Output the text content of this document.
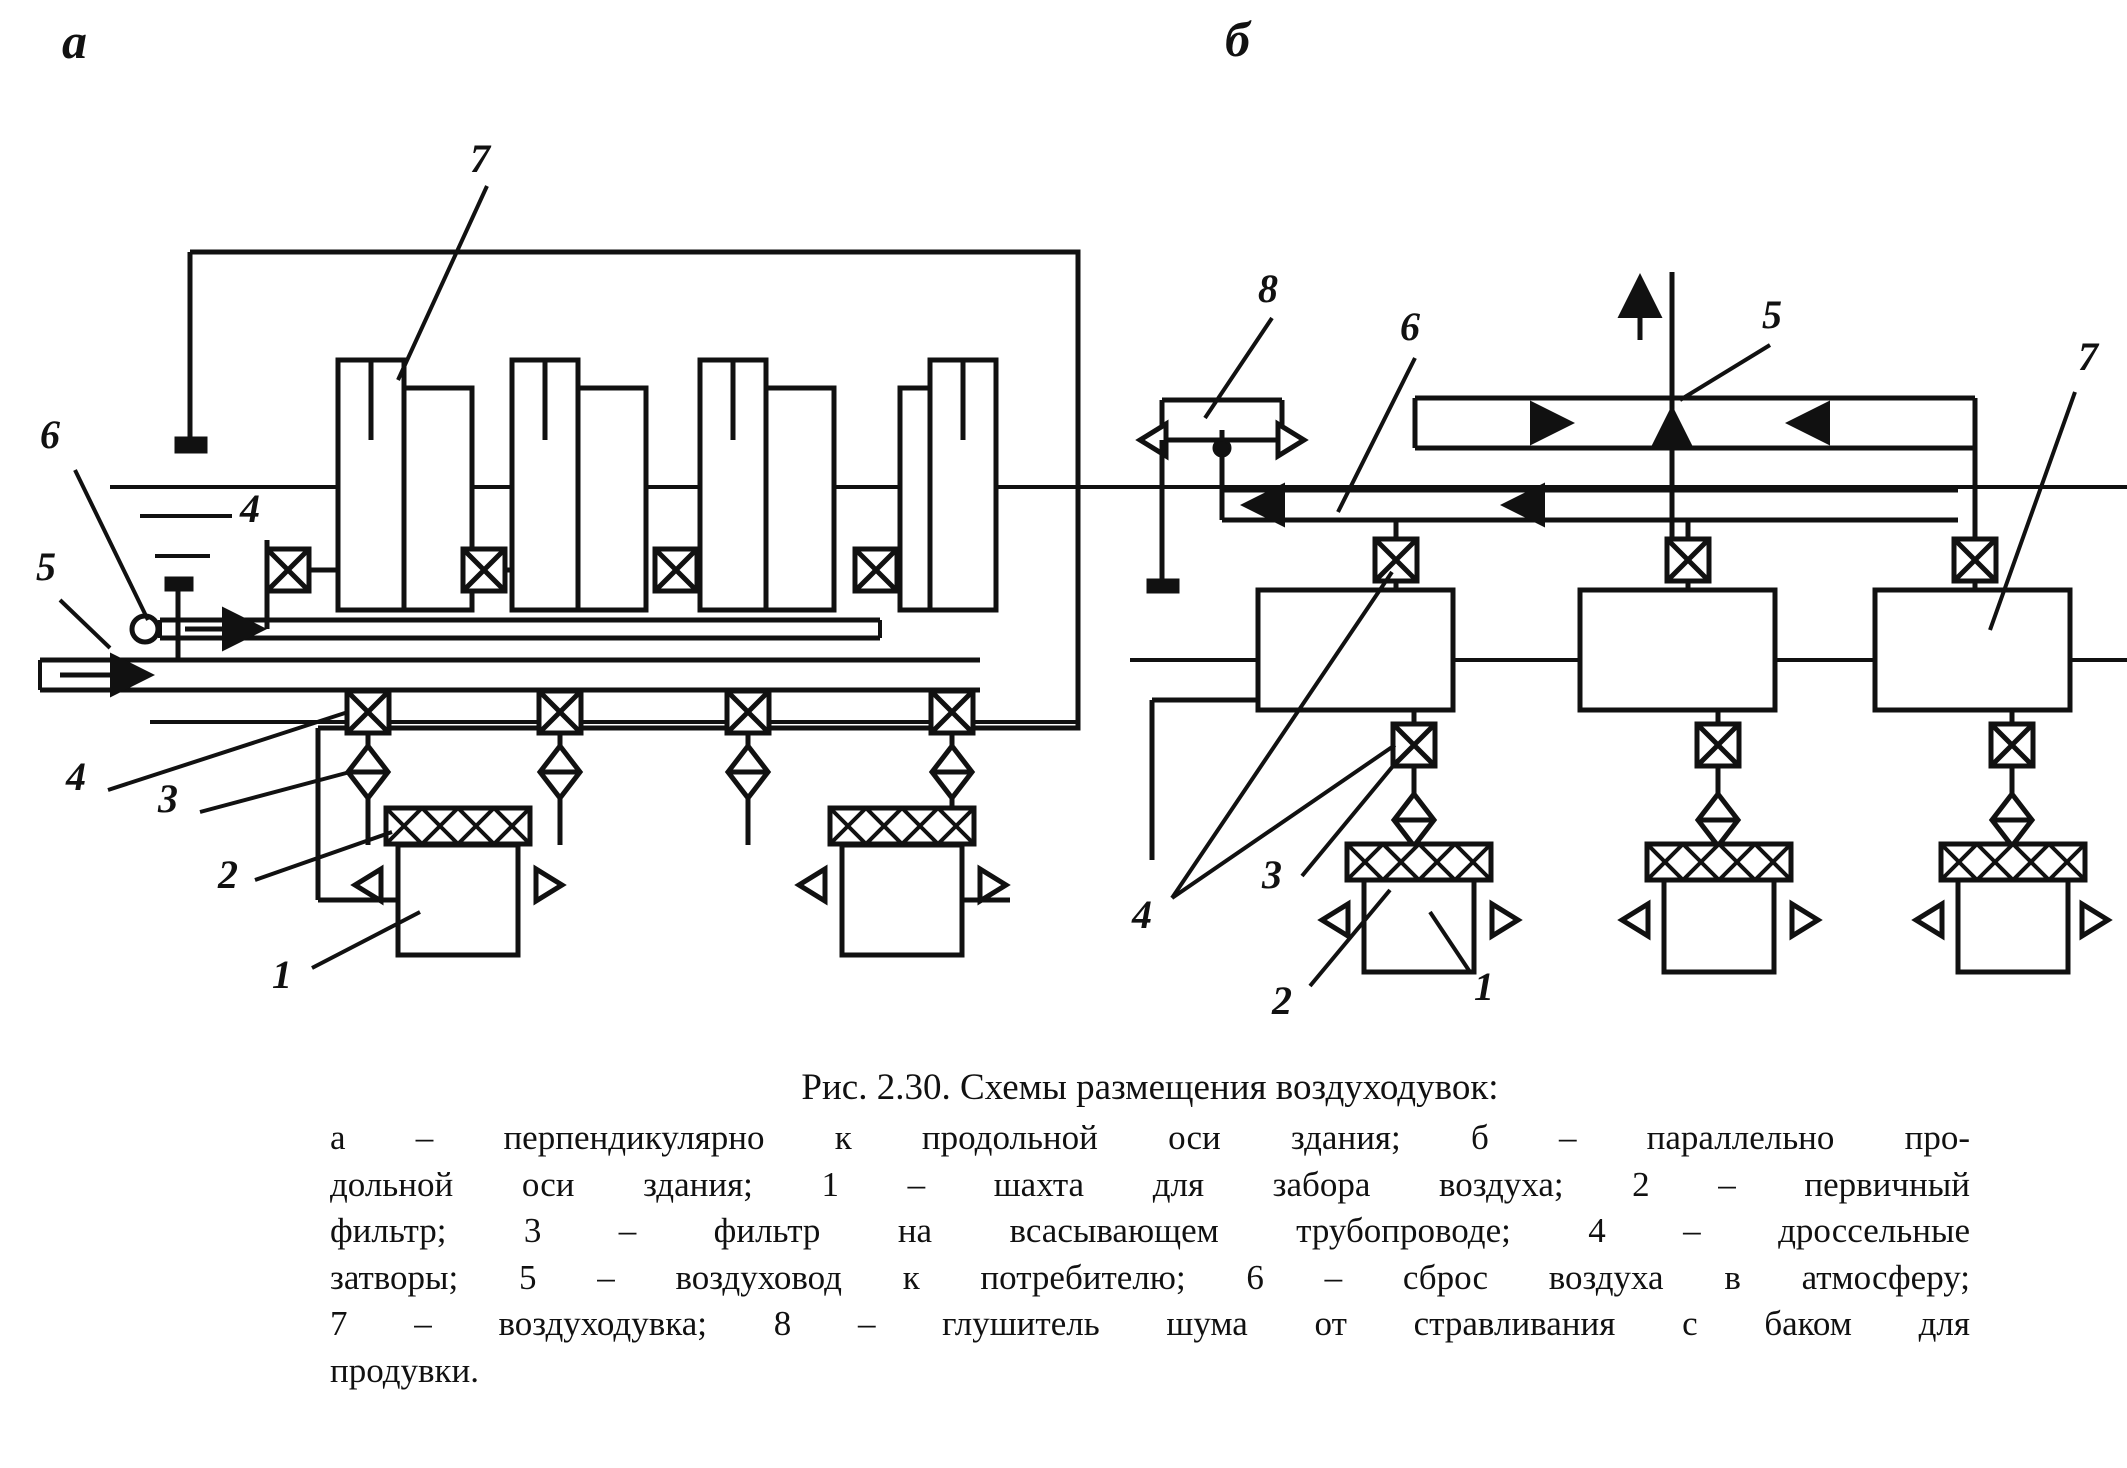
а	б
7
6
4
5
4 3
2
1
8
6	5
7
4
3
2	1
Рис. 2.30. Схемы размещения воздуходувок:
а – перпендикулярно к продольной оси здания; б – параллельно про-
дольной оси здания; 1 – шахта для забора воздуха; 2 – первичный
фильтр; 3 – фильтр на всасывающем трубопроводе; 4 – дроссельные
затворы; 5 – воздуховод к потребителю; 6 – сброс воздуха в атмосферу;
7 – воздуходувка; 8 – глушитель шума от стравливания с баком для
продувки.
